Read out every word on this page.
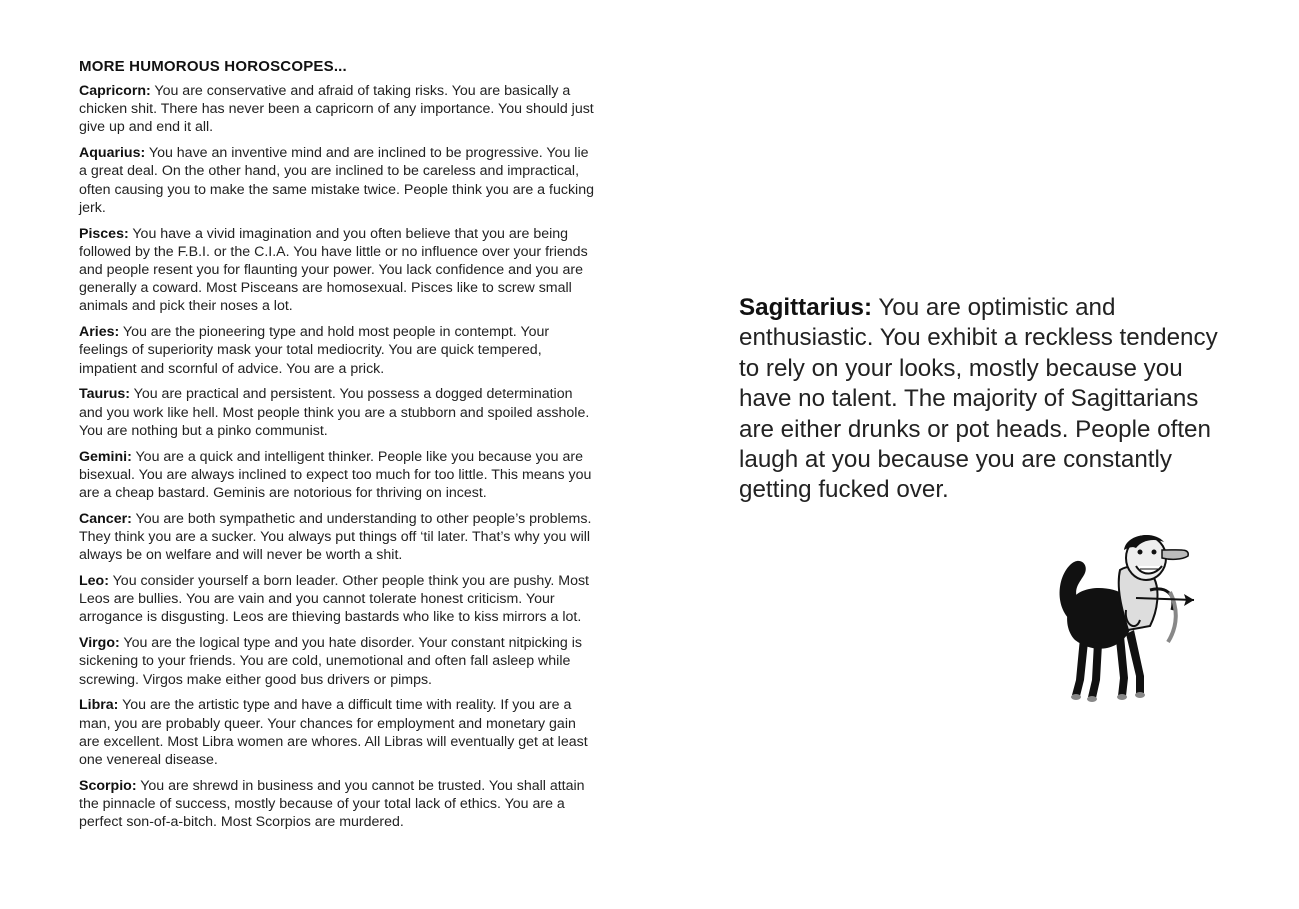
MORE HUMOROUS HOROSCOPES...

Capricorn: You are conservative and afraid of taking risks. You are basically a chicken shit. There has never been a capricorn of any importance. You should just give up and end it all.

Aquarius: You have an inventive mind and are inclined to be progressive. You lie a great deal. On the other hand, you are inclined to be careless and impractical, often causing you to make the same mistake twice. People think you are a fucking jerk.

Pisces: You have a vivid imagination and you often believe that you are being followed by the F.B.I. or the C.I.A. You have little or no influence over your friends and people resent you for flaunting your power. You lack confidence and you are generally a coward. Most Pisceans are homosexual. Pisces like to screw small animals and pick their noses a lot.

Aries: You are the pioneering type and hold most people in contempt. Your feelings of superiority mask your total mediocrity. You are quick tempered, impatient and scornful of advice. You are a prick.

Taurus: You are practical and persistent. You possess a dogged determination and you work like hell. Most people think you are a stubborn and spoiled asshole. You are nothing but a pinko communist.

Gemini: You are a quick and intelligent thinker. People like you because you are bisexual. You are always inclined to expect too much for too little. This means you are a cheap bastard. Geminis are notorious for thriving on incest.

Cancer: You are both sympathetic and understanding to other people’s problems. They think you are a sucker. You always put things off ‘til later. That’s why you will always be on welfare and will never be worth a shit.

Leo: You consider yourself a born leader. Other people think you are pushy. Most Leos are bullies. You are vain and you cannot tolerate honest criticism. Your arrogance is disgusting. Leos are thieving bastards who like to kiss mirrors a lot.

Virgo: You are the logical type and you hate disorder. Your constant nitpicking is sickening to your friends. You are cold, unemotional and often fall asleep while screwing. Virgos make either good bus drivers or pimps.

Libra: You are the artistic type and have a difficult time with reality. If you are a man, you are probably queer. Your chances for employment and monetary gain are excellent. Most Libra women are whores. All Libras will eventually get at least one venereal disease.

Scorpio: You are shrewd in business and you cannot be trusted. You shall attain the pinnacle of success, mostly because of your total lack of ethics. You are a perfect son-of-a-bitch. Most Scorpios are murdered.

Sagittarius: You are optimistic and enthusiastic. You exhibit a reckless tendency to rely on your looks, mostly because you have no talent. The majority of Sagittarians are either drunks or pot heads. People often laugh at you because you are constantly getting fucked over.
